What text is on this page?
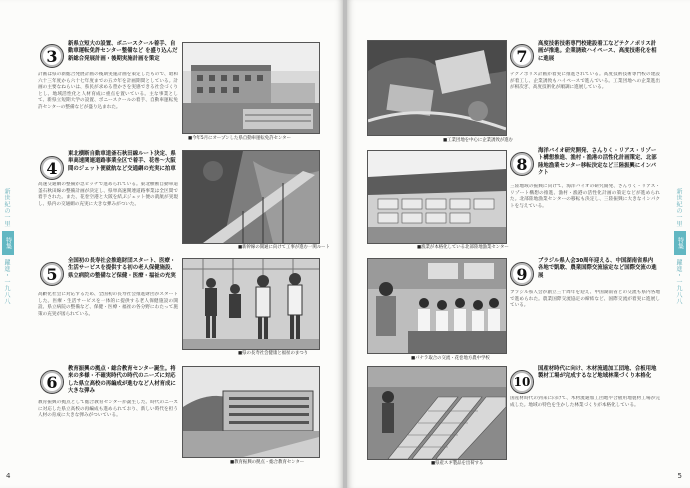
3
新県立短大の設置、ボニースクール着手、自動車運転免許センター整備など を盛り込んだ新総合発展計画・後期実施計画を策定
計画は県の新総合発展計画の後期実施計画を策定したもので、昭和六十三年度から六十七年度までの五カ年を計画期間としている。計画の主要なねらいは、県民が求める豊かさを実感できる社会づくりとし、地域活性化と人材育成に重点を置いている。主な事業として、新県立短期大学の設置、ボニースクールの着手、自動車運転免許センターの整備などが盛り込まれた。
■今年5月にオープンした県自動車運転免許センター
4
東北横断自動車道釜石秋田線ルート決定、県単高速関連道路事業全区で着手、花巻〜大阪間のジェット便就航など交通網の充実に拍車
高速交通網の整備が急ピッチで進められている。東北横断自動車道釜石秋田線の整備計画が決定し、県単高速関連道路事業は全区間で着手された。また、花巻空港と大阪を結ぶジェット便の就航が実現し、県内の交通網の充実に大きな弾みがついた。
■新幹線の開通に向けて工事が進む一関ルート
5
全国初の長寿社会推進財団スタート、医療・生活サービスを提供する初の老人保健施設、県立病院の整備など保健・医療・福祉の充実
高齢化社会に対応するため、全国初の長寿社会推進財団がスタートした。医療・生活サービスを一体的に提供する老人保健施設の開設、県立病院の整備など、保健・医療・福祉の各分野にわたって施策の充実が図られている。
■県の長寿社会健康と福祉のまつり
6
教育振興の拠点・総合教育センター誕生。将来の多様・不確実時代の時代のニーズに対応した県立高校の再編成が進むなど人材育成に大きな弾み
教育振興の拠点として総合教育センターが誕生した。時代のニーズに対応した県立高校の再編成も進められており、新しい時代を担う人材の育成に大きな弾みがついている。
■教育振興の拠点・総合教育センター
4
新世紀の一里
特集
躍進・一九八八
■工業団地を中心に企業誘致が進む
7
高度技術技術専門校建設着工などテクノポリス計画が推進。企業誘致ハイペース、高度技術化を相に進展
テクノポリス計画が着実に推進されている。高度技術技術専門校の建設が着工し、企業誘致もハイペースで進んでいる。工業団地への企業進出が相次ぎ、高度技術化が順調に進展している。
■漁業が本格化している北部陸地漁業センター
8
海洋バイオ研究開発、さんりく・リアス・リゾート構想推進、漁村・漁港の活性化計画策定、北部陸地漁業センター移転決定など三陸振興にインパクト
三陸地域の振興に向けて、海洋バイオの研究開発、さんりく・リアス・リゾート構想の推進、漁村・漁港の活性化計画の策定などが進められた。北部陸地漁業センターの移転も決定し、三陸振興に大きなインパクトを与えている。
■パナラ取合の交流・花巻地方農中学校
9
ブラジル県人会30周年迎える、中国湖南省県内各地で凱歌、農業国際交流協定など国際交流の進展
ブラジル県人会が創立三十周年を迎え、中国湖南省との交流も県内各地で進められた。農業国際交流協定の締結など、国際交流が着実に進展している。
■県産スギ製品を出荷する
10
国産材時代に向け、木材流通加工団地、合板用地製材工場が完成するなど地域林業づくり本格化
国産材時代の到来に向けて、木材流通加工団地や合板用地製材工場が完成した。地域の特色を生かした林業づくりが本格化している。
5
新世紀の一里
特集
躍進・一九八八
